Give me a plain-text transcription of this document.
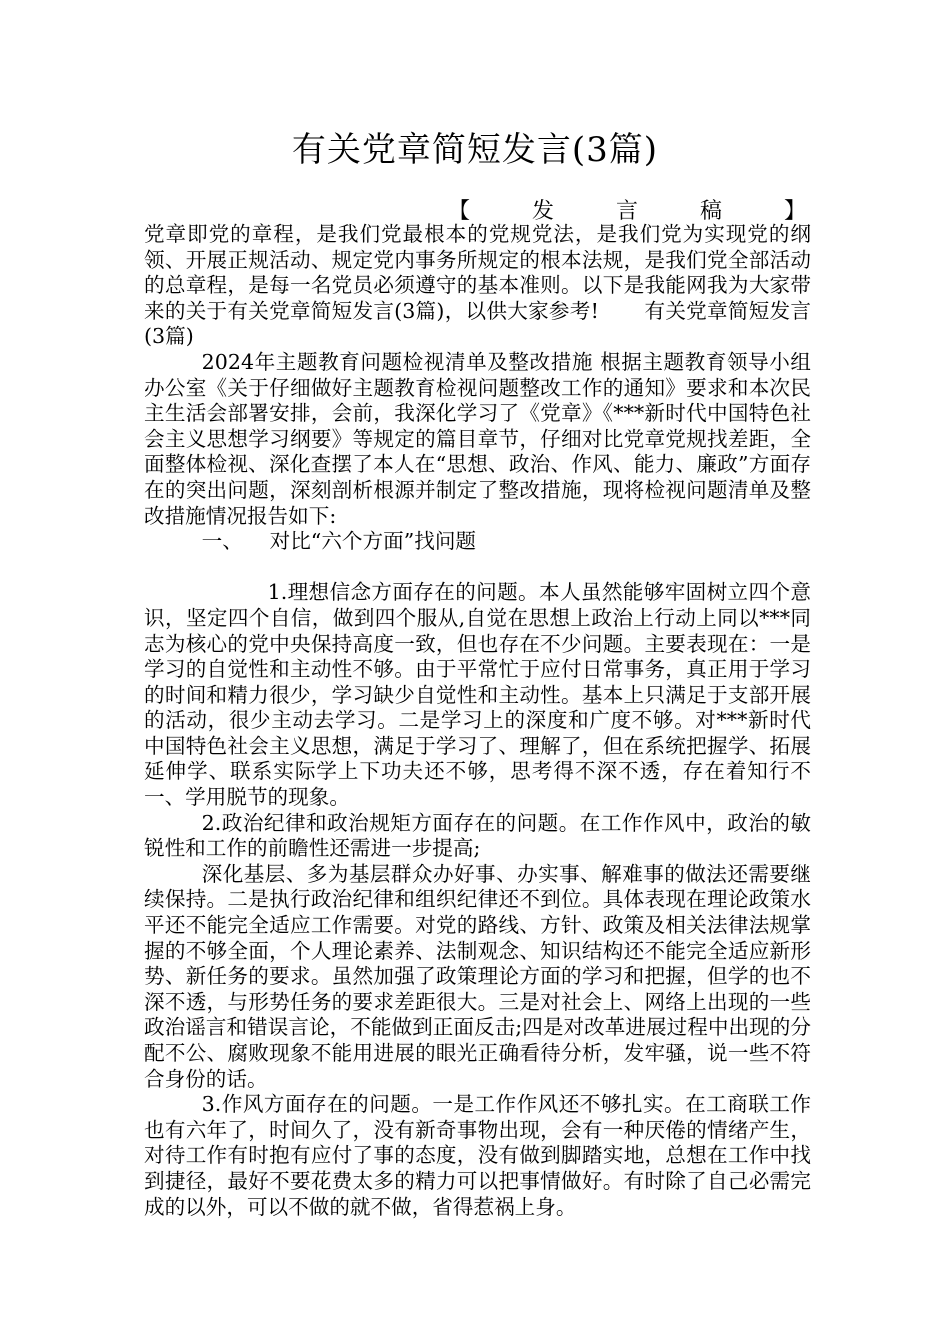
有关党章简短发言(3篇)
【	发	言	稿	】

党章即党的章程，是我们党最根本的党规党法，是我们党为实现党的纲领、开展正规活动、规定党内事务所规定的根本法规，是我们党全部活动的总章程，是每一名党员必须遵守的基本准则。以下是我能网我为大家带来的关于有关党章简短发言(3篇)，以供大家参考! 有关党章简短发言(3篇)

2024年主题教育问题检视清单及整改措施 根据主题教育领导小组办公室《关于仔细做好主题教育检视问题整改工作的通知》要求和本次民主生活会部署安排，会前，我深化学习了《党章》《***新时代中国特色社会主义思想学习纲要》等规定的篇目章节，仔细对比党章党规找差距，全面整体检视、深化查摆了本人在“思想、政治、作风、能力、廉政”方面存在的突出问题，深刻剖析根源并制定了整改措施，现将检视问题清单及整改措施情况报告如下:

一、 对比“六个方面”找问题

1.理想信念方面存在的问题。本人虽然能够牢固树立四个意识，坚定四个自信，做到四个服从,自觉在思想上政治上行动上同以***同志为核心的党中央保持高度一致，但也存在不少问题。主要表现在：一是学习的自觉性和主动性不够。由于平常忙于应付日常事务，真正用于学习的时间和精力很少，学习缺少自觉性和主动性。基本上只满足于支部开展的活动，很少主动去学习。二是学习上的深度和广度不够。对***新时代中国特色社会主义思想，满足于学习了、理解了，但在系统把握学、拓展延伸学、联系实际学上下功夫还不够，思考得不深不透，存在着知行不一、学用脱节的现象。

2.政治纪律和政治规矩方面存在的问题。在工作作风中，政治的敏锐性和工作的前瞻性还需进一步提高;

深化基层、多为基层群众办好事、办实事、解难事的做法还需要继续保持。二是执行政治纪律和组织纪律还不到位。具体表现在理论政策水平还不能完全适应工作需要。对党的路线、方针、政策及相关法律法规掌握的不够全面，个人理论素养、法制观念、知识结构还不能完全适应新形势、新任务的要求。虽然加强了政策理论方面的学习和把握，但学的也不深不透，与形势任务的要求差距很大。三是对社会上、网络上出现的一些政治谣言和错误言论，不能做到正面反击;四是对改革进展过程中出现的分配不公、腐败现象不能用进展的眼光正确看待分析，发牢骚，说一些不符合身份的话。

3.作风方面存在的问题。一是工作作风还不够扎实。在工商联工作也有六年了，时间久了，没有新奇事物出现，会有一种厌倦的情绪产生，对待工作有时抱有应付了事的态度，没有做到脚踏实地，总想在工作中找到捷径，最好不要花费太多的精力可以把事情做好。有时除了自己必需完成的以外，可以不做的就不做，省得惹祸上身。
